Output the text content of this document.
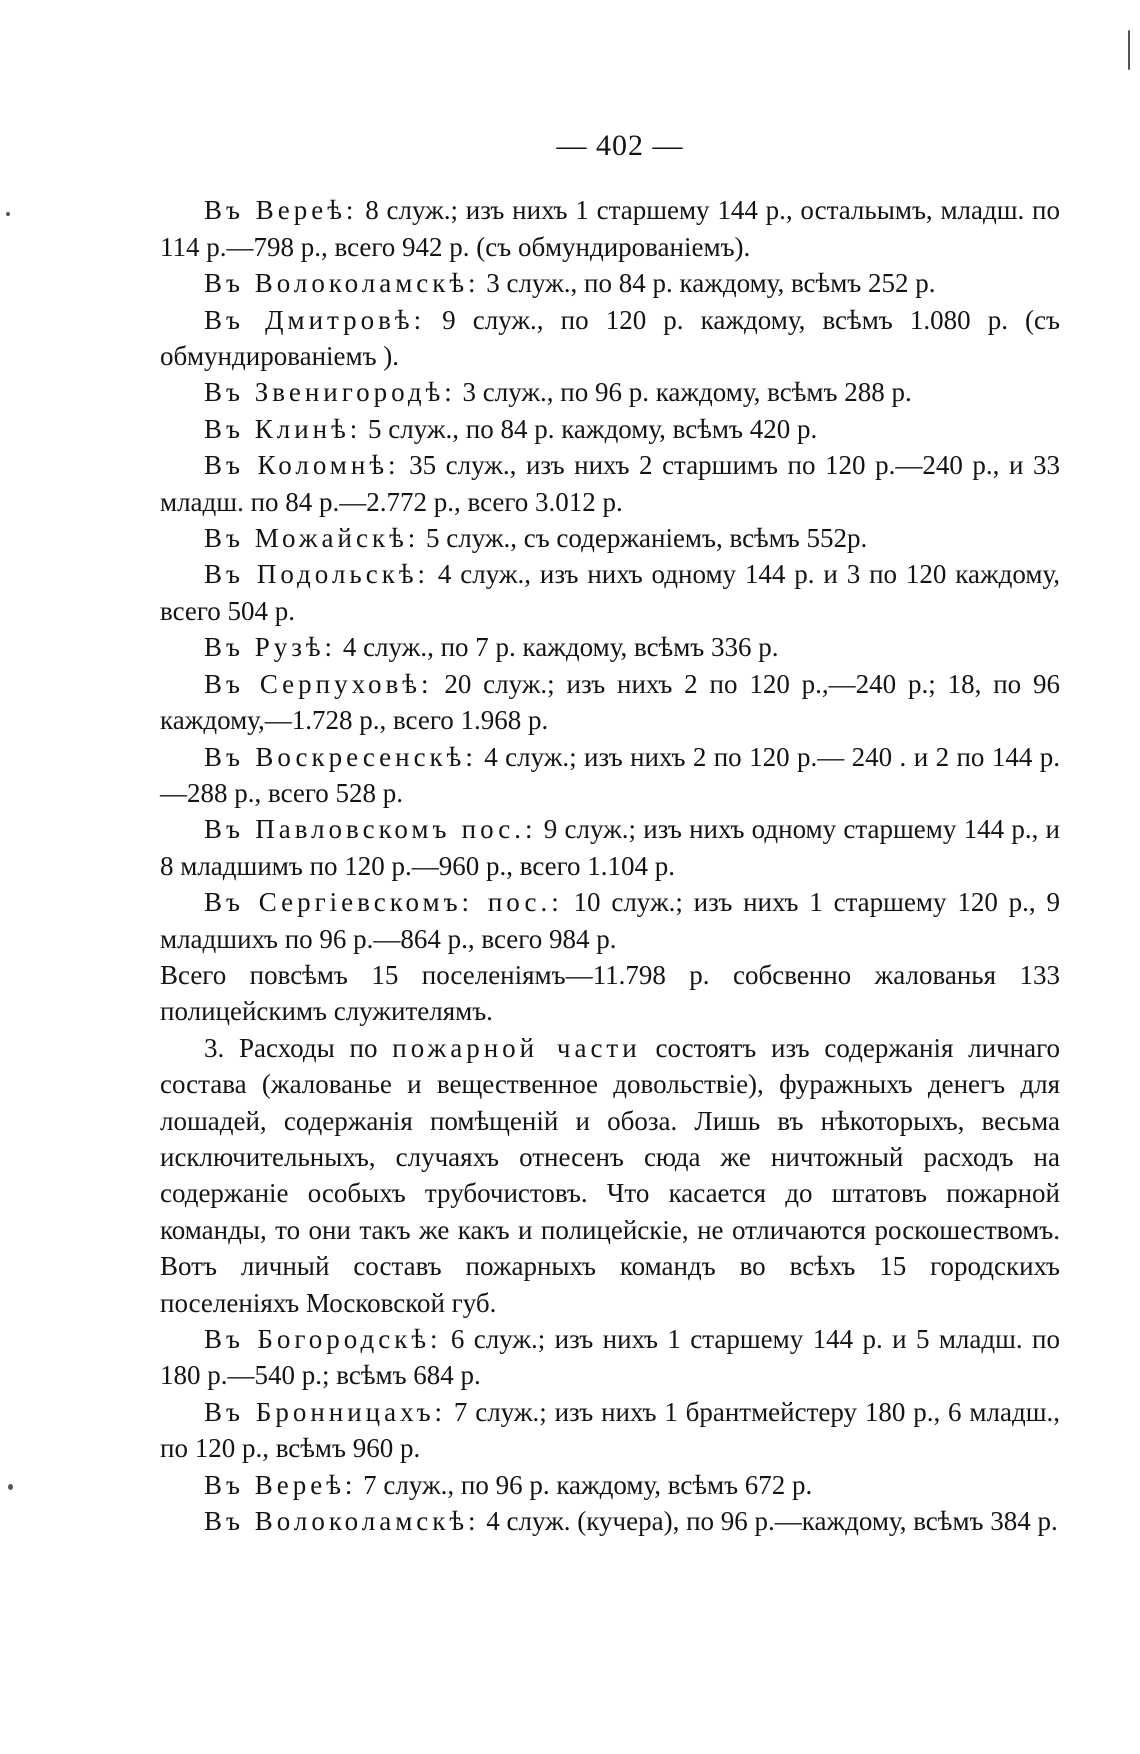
— 402 —

Въ Вереѣ: 8 служ.; изъ нихъ 1 старшему 144 р., остальымъ, младш. по 114 р.—798 р., всего 942 р. (съ обмундированіемъ).

Въ Волоколамскѣ: 3 служ., по 84 р. каждому, всѣмъ 252 р.

Въ Дмитровѣ: 9 служ., по 120 р. каждому, всѣмъ 1.080 р. (съ обмундированіемъ ).

Въ Звенигородѣ: 3 служ., по 96 р. каждому, всѣмъ 288 р.

Въ Клинѣ: 5 служ., по 84 р. каждому, всѣмъ 420 р.

Въ Коломнѣ: 35 служ., изъ нихъ 2 старшимъ по 120 р.—240 р., и 33 младш. по 84 р.—2.772 р., всего 3.012 р.

Въ Можайскѣ: 5 служ., съ содержаніемъ, всѣмъ 552р.

Въ Подольскѣ: 4 служ., изъ нихъ одному 144 р. и 3 по 120 каждому, всего 504 р.

Въ Рузѣ: 4 служ., по 7 р. каждому, всѣмъ 336 р.

Въ Серпуховѣ: 20 служ.; изъ нихъ 2 по 120 р.,—240 р.; 18, по 96 каждому,—1.728 р., всего 1.968 р.

Въ Воскресенскѣ: 4 служ.; изъ нихъ 2 по 120 р.— 240 . и 2 по 144 р.—288 р., всего 528 р.

Въ Павловскомъ пос.: 9 служ.; изъ нихъ одному старшему 144 р., и 8 младшимъ по 120 р.—960 р., всего 1.104 р.

Въ Сергіевскомъ: пос.: 10 служ.; изъ нихъ 1 старшему 120 р., 9 младшихъ по 96 р.—864 р., всего 984 р.

Всего повсѣмъ 15 поселеніямъ—11.798 р. собсвенно жалованья 133 полицейскимъ служителямъ.

3. Расходы по пожарной части состоятъ изъ содержанія личнаго состава (жалованье и вещественное довольствіе), фуражныхъ денегъ для лошадей, содержанія помѣщеній и обоза. Лишь въ нѣкоторыхъ, весьма исключительныхъ, случаяхъ отнесенъ сюда же ничтожный расходъ на содержаніе особыхъ трубочистовъ. Что касается до штатовъ пожарной команды, то они такъ же какъ и полицейскіе, не отличаются роскошествомъ. Вотъ личный составъ пожарныхъ командъ во всѣхъ 15 городскихъ поселеніяхъ Московской губ.

Въ Богородскѣ: 6 служ.; изъ нихъ 1 старшему 144 р. и 5 младш. по 180 р.—540 р.; всѣмъ 684 р.

Въ Бронницахъ: 7 служ.; изъ нихъ 1 брантмейстеру 180 р., 6 младш., по 120 р., всѣмъ 960 р.

Въ Вереѣ: 7 служ., по 96 р. каждому, всѣмъ 672 р.

Въ Волоколамскѣ: 4 служ. (кучера), по 96 р.—каждому, всѣмъ 384 р.
